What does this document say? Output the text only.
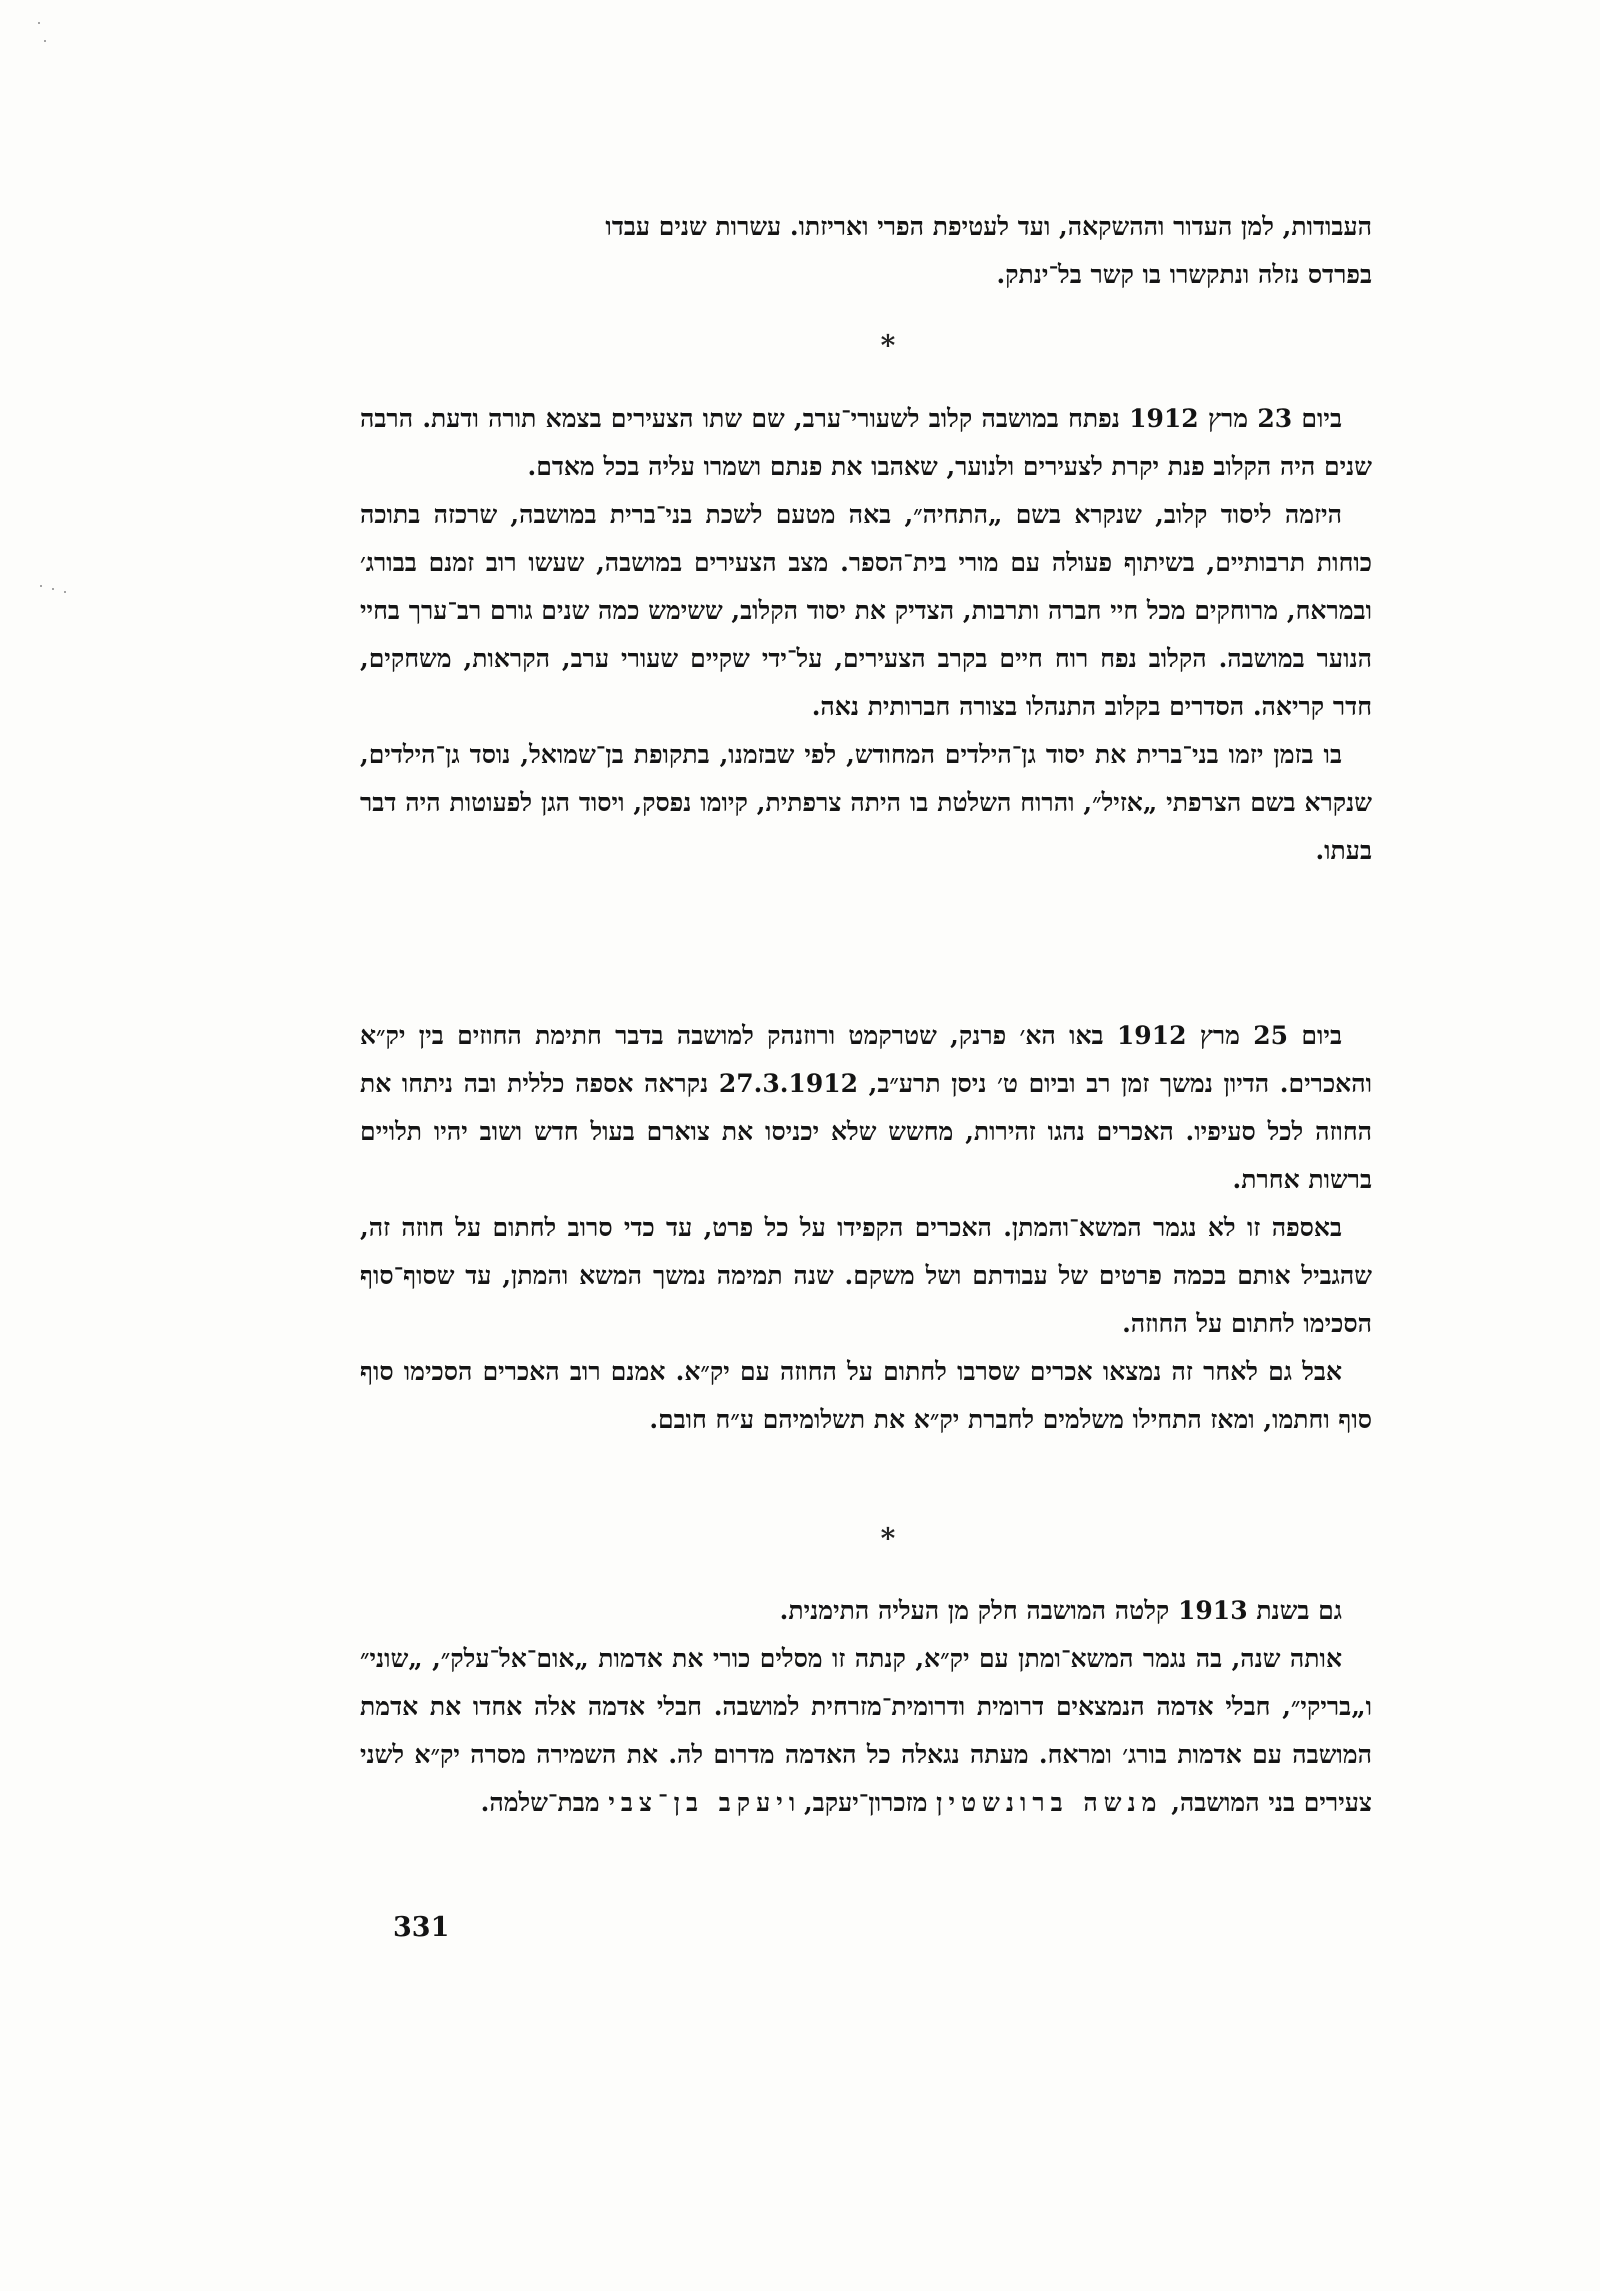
העבודות, למן העדור וההשקאה, ועד לעטיפת הפרי ואריזתו. עשרות שנים עבדו

בפרדס נזלה ונתקשרו בו קשר בל־ינתק.

*

ביום 23 מרץ 1912 נפתח במושבה קלוב לשעורי־ערב, שם שתו הצעירים בצמא תורה ודעת. הרבה שנים היה הקלוב פנת יקרת לצעירים ולנוער, שאהבו את פנתם ושמרו עליה בכל מאדם.

היזמה ליסוד קלוב, שנקרא בשם „התחיה״, באה מטעם לשכת בני־ברית במושבה, שרכזה בתוכה כוחות תרבותיים, בשיתוף פעולה עם מורי בית־הספר. מצב הצעירים במושבה, שעשו רוב זמנם בבורג׳ ובמראח, מרוחקים מכל חיי חברה ותרבות, הצדיק את יסוד הקלוב, ששימש כמה שנים גורם רב־ערך בחיי הנוער במושבה. הקלוב נפח רוח חיים בקרב הצעירים, על־ידי שקיים שעורי ערב, הקראות, משחקים, חדר קריאה. הסדרים בקלוב התנהלו בצורה חברותית נאה.

בו בזמן יזמו בני־ברית את יסוד גן־הילדים המחודש, לפי שבזמנו, בתקופת בן־שמואל, נוסד גן־הילדים, שנקרא בשם הצרפתי „אזיל״, והרוח השלטת בו היתה צרפתית, קיומו נפסק, ויסוד הגן לפעוטות היה דבר בעתו.

ביום 25 מרץ 1912 באו הא׳ פרנק, שטרקמט ורוזנהק למושבה בדבר חתימת החוזים בין יק״א והאכרים. הדיון נמשך זמן רב וביום ט׳ ניסן תרע״ב, 27.3.1912 נקראה אספה כללית ובה ניתחו את החוזה לכל סעיפיו. האכרים נהגו זהירות, מחשש שלא יכניסו את צוארם בעול חדש ושוב יהיו תלויים ברשות אחרת.

באספה זו לא נגמר המשא־והמתן. האכרים הקפידו על כל פרט, עד כדי סרוב לחתום על חוזה זה, שהגביל אותם בכמה פרטים של עבודתם ושל משקם. שנה תמימה נמשך המשא והמתן, עד שסוף־סוף הסכימו לחתום על החוזה.

אבל גם לאחר זה נמצאו אכרים שסרבו לחתום על החוזה עם יק״א. אמנם רוב האכרים הסכימו סוף סוף וחתמו, ומאז התחילו משלמים לחברת יק״א את תשלומיהם ע״ח חובם.

*

גם בשנת 1913 קלטה המושבה חלק מן העליה התימנית.

אותה שנה, בה נגמר המשא־ומתן עם יק״א, קנתה זו מסלים כורי את אדמות „אום־אל־עלק״, „שוני״ ו„בריקי״, חבלי אדמה הנמצאים דרומית ודרומית־מזרחית למושבה. חבלי אדמה אלה אחדו את אדמת המושבה עם אדמות בורג׳ ומראח. מעתה נגאלה כל האדמה מדרום לה. את השמירה מסרה יק״א לשני צעירים בני המושבה, מנשה ברונשטין מזכרון־יעקב, ויעקב בן־צבי מבת־שלמה.

331
